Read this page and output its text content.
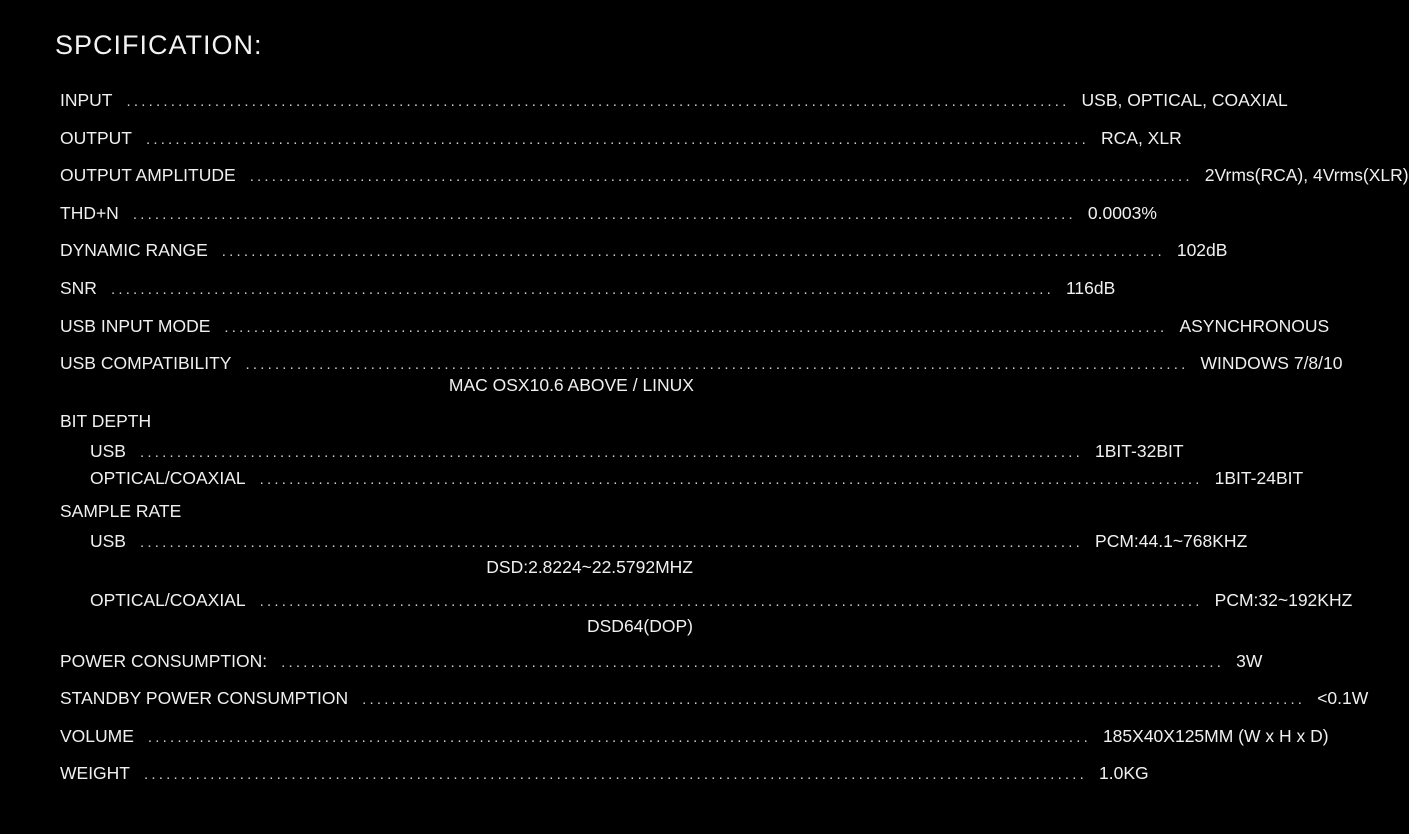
SPCIFICATION:
INPUT ................................................................................................................................ USB, OPTICAL, COAXIAL
OUTPUT ................................................................................................................................ RCA, XLR
OUTPUT AMPLITUDE ................................................................................................................................ 2Vrms(RCA), 4Vrms(XLR)
THD+N ................................................................................................................................ 0.0003%
DYNAMIC RANGE ................................................................................................................................ 102dB
SNR ................................................................................................................................ 116dB
USB INPUT MODE ................................................................................................................................ ASYNCHRONOUS
USB COMPATIBILITY ................................................................................................................................ WINDOWS 7/8/10
MAC OSX10.6 ABOVE / LINUX
BIT DEPTH
USB ................................................................................................................................ 1BIT-32BIT
OPTICAL/COAXIAL ................................................................................................................................ 1BIT-24BIT
SAMPLE RATE
USB ................................................................................................................................ PCM:44.1~768KHZ
DSD:2.8224~22.5792MHZ
OPTICAL/COAXIAL ................................................................................................................................ PCM:32~192KHZ
DSD64(DOP)
POWER CONSUMPTION: ................................................................................................................................ 3W
STANDBY POWER CONSUMPTION ................................................................................................................................ <0.1W
VOLUME ................................................................................................................................ 185X40X125MM (W x H x D)
WEIGHT ................................................................................................................................ 1.0KG
